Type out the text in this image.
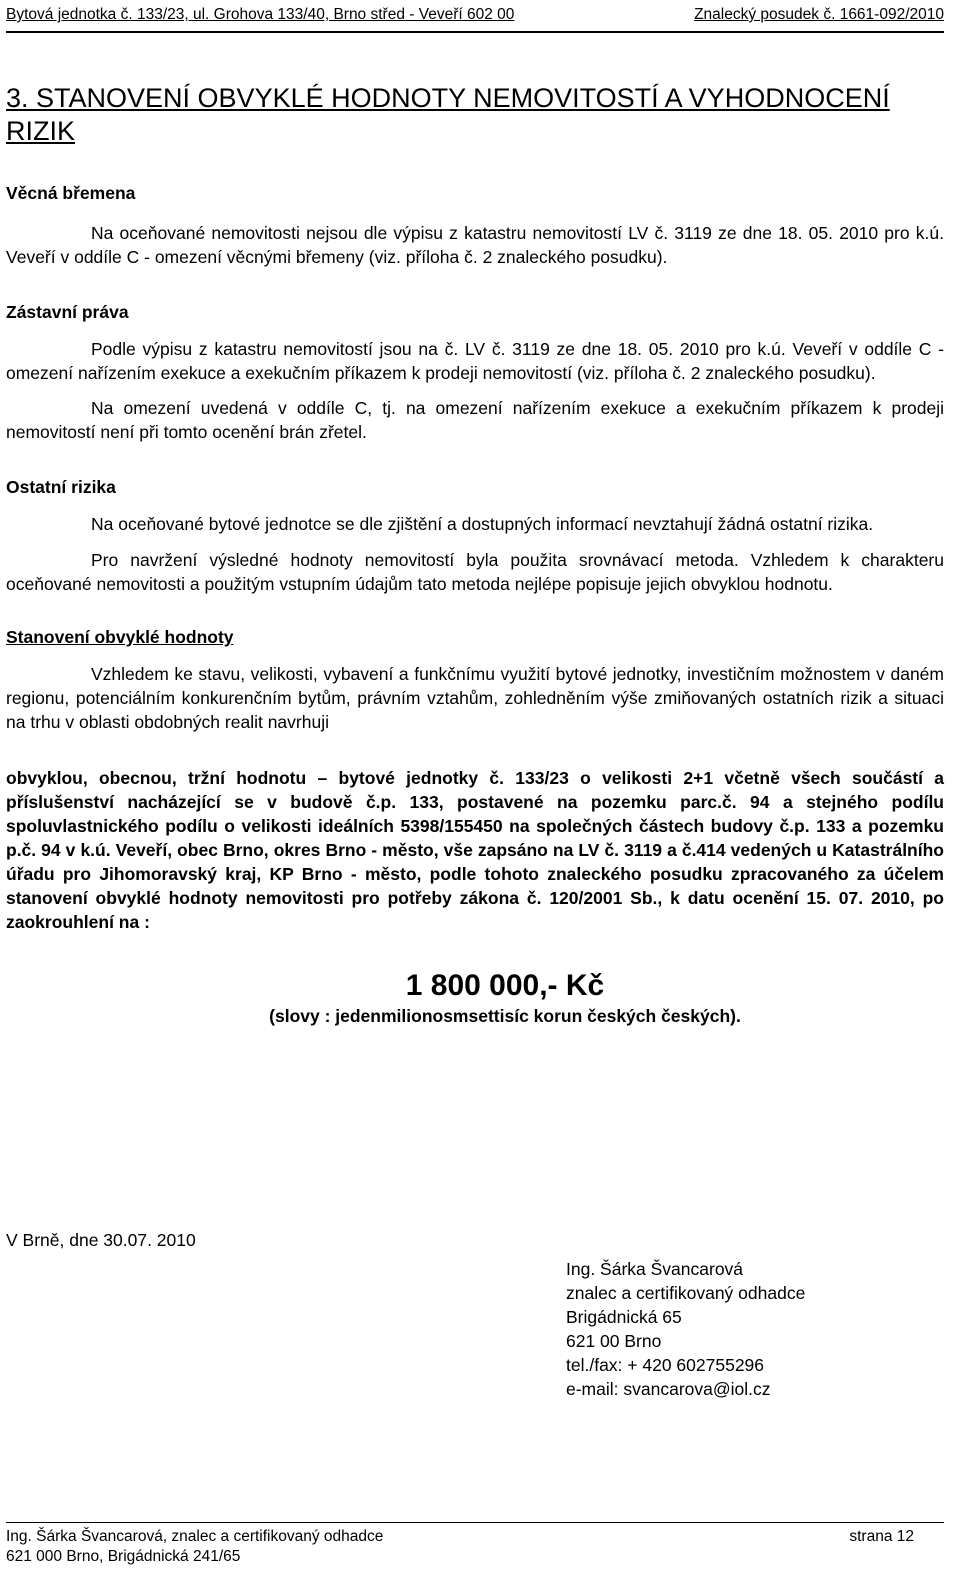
Bytová jednotka č. 133/23, ul. Grohova 133/40, Brno střed - Veveří 602 00	Znalecký posudek č. 1661-092/2010
3. STANOVENÍ OBVYKLÉ HODNOTY NEMOVITOSTÍ A VYHODNOCENÍ RIZIK
Věcná břemena

Na oceňované nemovitosti nejsou dle výpisu z katastru nemovitostí LV č. 3119 ze dne 18. 05. 2010 pro k.ú. Veveří v oddíle C - omezení věcnými břemeny (viz. příloha č. 2 znaleckého posudku).

Zástavní práva

Podle výpisu z katastru nemovitostí jsou na č. LV č. 3119 ze dne 18. 05. 2010 pro k.ú. Veveří v oddíle C - omezení nařízením exekuce a exekučním příkazem k prodeji nemovitostí (viz. příloha č. 2 znaleckého posudku).

Na omezení uvedená v oddíle C, tj. na omezení nařízením exekuce a exekučním příkazem k prodeji nemovitostí není při tomto ocenění brán zřetel.

Ostatní rizika

Na oceňované bytové jednotce se dle zjištění a dostupných informací nevztahují žádná ostatní rizika.

Pro navržení výsledné hodnoty nemovitostí byla použita srovnávací metoda. Vzhledem k charakteru oceňované nemovitosti a použitým vstupním údajům tato metoda nejlépe popisuje jejich obvyklou hodnotu.

Stanovení obvyklé hodnoty

Vzhledem ke stavu, velikosti, vybavení a funkčnímu využití bytové jednotky, investičním možnostem v daném regionu, potenciálním konkurenčním bytům, právním vztahům, zohledněním výše zmiňovaných ostatních rizik a situaci na trhu v oblasti obdobných realit navrhuji

obvyklou, obecnou, tržní hodnotu – bytové jednotky č. 133/23 o velikosti 2+1 včetně všech součástí a příslušenství nacházející se v budově č.p. 133, postavené na pozemku parc.č. 94 a stejného podílu spoluvlastnického podílu o velikosti ideálních 5398/155450 na společných částech budovy č.p. 133 a pozemku p.č. 94 v k.ú. Veveří, obec Brno, okres Brno - město, vše zapsáno na LV č. 3119 a č.414 vedených u Katastrálního úřadu pro Jihomoravský kraj, KP Brno - město, podle tohoto znaleckého posudku zpracovaného za účelem stanovení obvyklé hodnoty nemovitosti pro potřeby zákona č. 120/2001 Sb., k datu ocenění 15. 07. 2010, po zaokrouhlení na :

1 800 000,- Kč
(slovy : jedenmilionosmsettisíc korun českých českých).
V Brně, dne 30.07. 2010
Ing. Šárka Švancarová
znalec a certifikovaný odhadce
Brigádnická 65
621 00 Brno
tel./fax: + 420 602755296
e-mail: svancarova@iol.cz
Ing. Šárka Švancarová, znalec a certifikovaný odhadce	strana 12
621 000 Brno, Brigádnická 241/65
